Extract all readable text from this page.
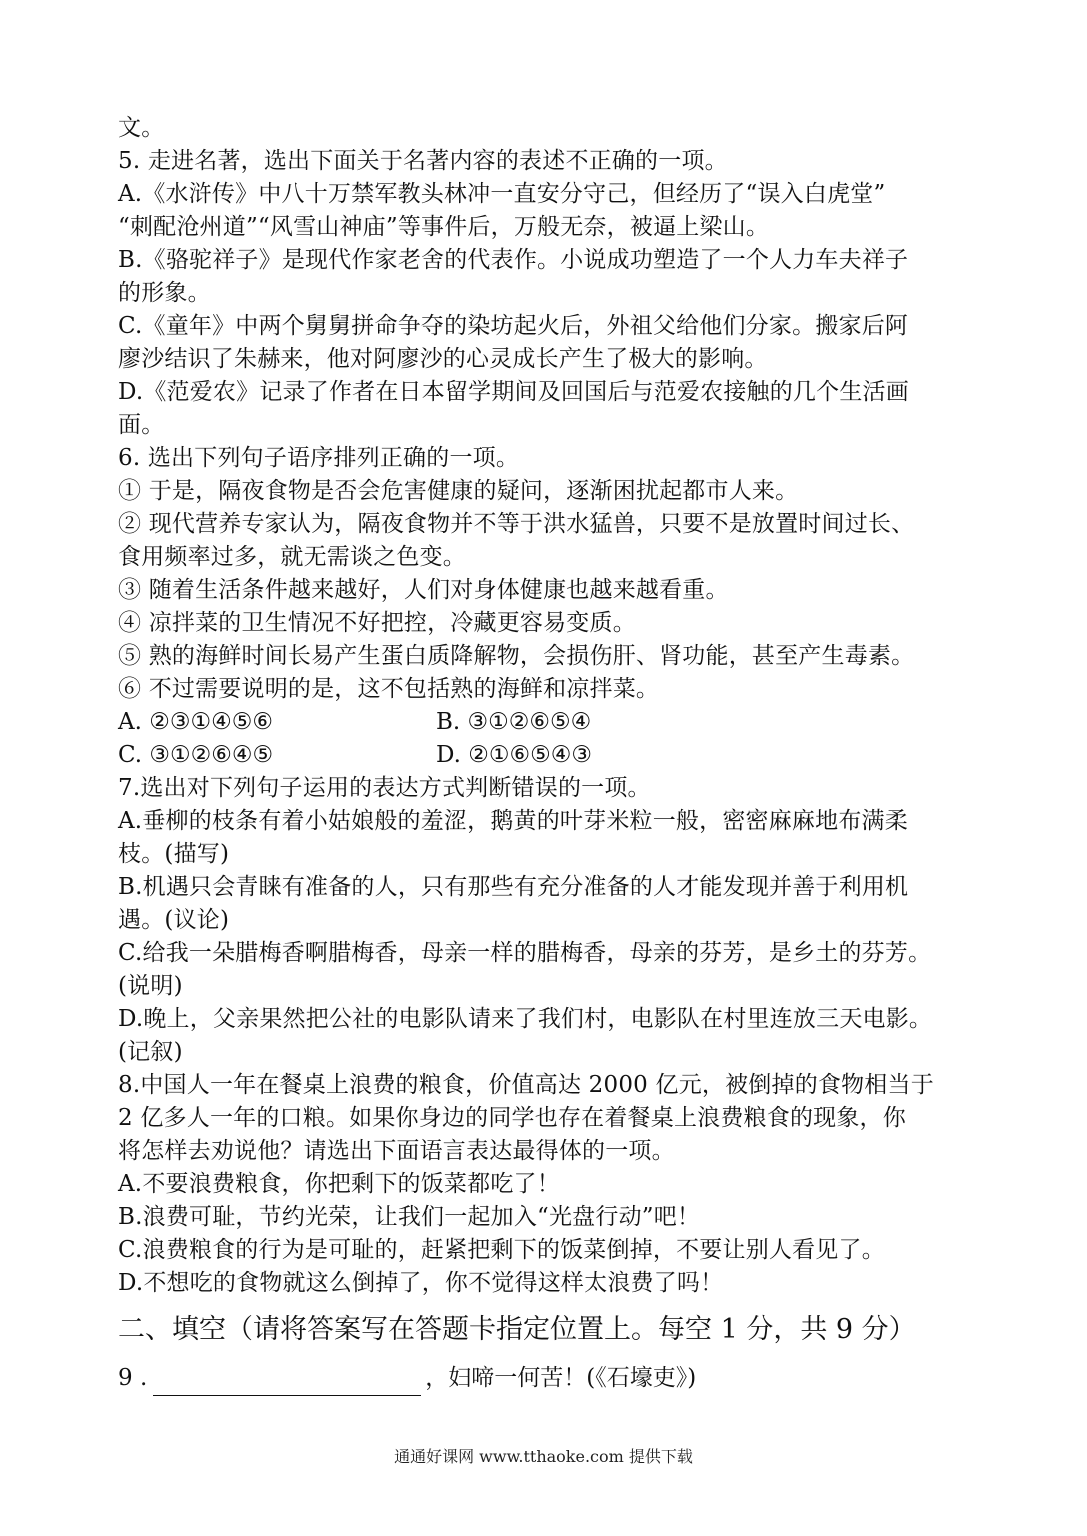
文。
5. 走进名著，选出下面关于名著内容的表述不正确的一项。
A.《水浒传》中八十万禁军教头林冲一直安分守己，但经历了“误入白虎堂”
“刺配沧州道”“风雪山神庙”等事件后，万般无奈，被逼上梁山。
B.《骆驼祥子》是现代作家老舍的代表作。小说成功塑造了一个人力车夫祥子
的形象。
C.《童年》中两个舅舅拼命争夺的染坊起火后，外祖父给他们分家。搬家后阿
廖沙结识了朱赫来，他对阿廖沙的心灵成长产生了极大的影响。
D.《范爱农》记录了作者在日本留学期间及回国后与范爱农接触的几个生活画
面。
6. 选出下列句子语序排列正确的一项。
① 于是，隔夜食物是否会危害健康的疑问，逐渐困扰起都市人来。
② 现代营养专家认为，隔夜食物并不等于洪水猛兽，只要不是放置时间过长、
食用频率过多，就无需谈之色变。
③ 随着生活条件越来越好，人们对身体健康也越来越看重。
④ 凉拌菜的卫生情况不好把控，冷藏更容易变质。
⑤ 熟的海鲜时间长易产生蛋白质降解物，会损伤肝、肾功能，甚至产生毒素。
⑥ 不过需要说明的是，这不包括熟的海鲜和凉拌菜。
A. ②③①④⑤⑥	B. ③①②⑥⑤④
C. ③①②⑥④⑤	D. ②①⑥⑤④③
7.选出对下列句子运用的表达方式判断错误的一项。
A.垂柳的枝条有着小姑娘般的羞涩，鹅黄的叶芽米粒一般，密密麻麻地布满柔
枝。(描写)
B.机遇只会青睐有准备的人，只有那些有充分准备的人才能发现并善于利用机
遇。(议论)
C.给我一朵腊梅香啊腊梅香，母亲一样的腊梅香，母亲的芬芳，是乡土的芬芳。
(说明)
D.晚上，父亲果然把公社的电影队请来了我们村，电影队在村里连放三天电影。
(记叙)
8.中国人一年在餐桌上浪费的粮食，价值高达 2000 亿元，被倒掉的食物相当于
2 亿多人一年的口粮。如果你身边的同学也存在着餐桌上浪费粮食的现象，你
将怎样去劝说他？请选出下面语言表达最得体的一项。
A.不要浪费粮食，你把剩下的饭菜都吃了！
B.浪费可耻，节约光荣，让我们一起加入“光盘行动”吧！
C.浪费粮食的行为是可耻的，赶紧把剩下的饭菜倒掉，不要让别人看见了。
D.不想吃的食物就这么倒掉了，你不觉得这样太浪费了吗！
二、填空（请将答案写在答题卡指定位置上。每空 1 分，共 9 分）
9 .	，妇啼一何苦！(《石壕吏》)
通通好课网 www.tthaoke.com 提供下载
